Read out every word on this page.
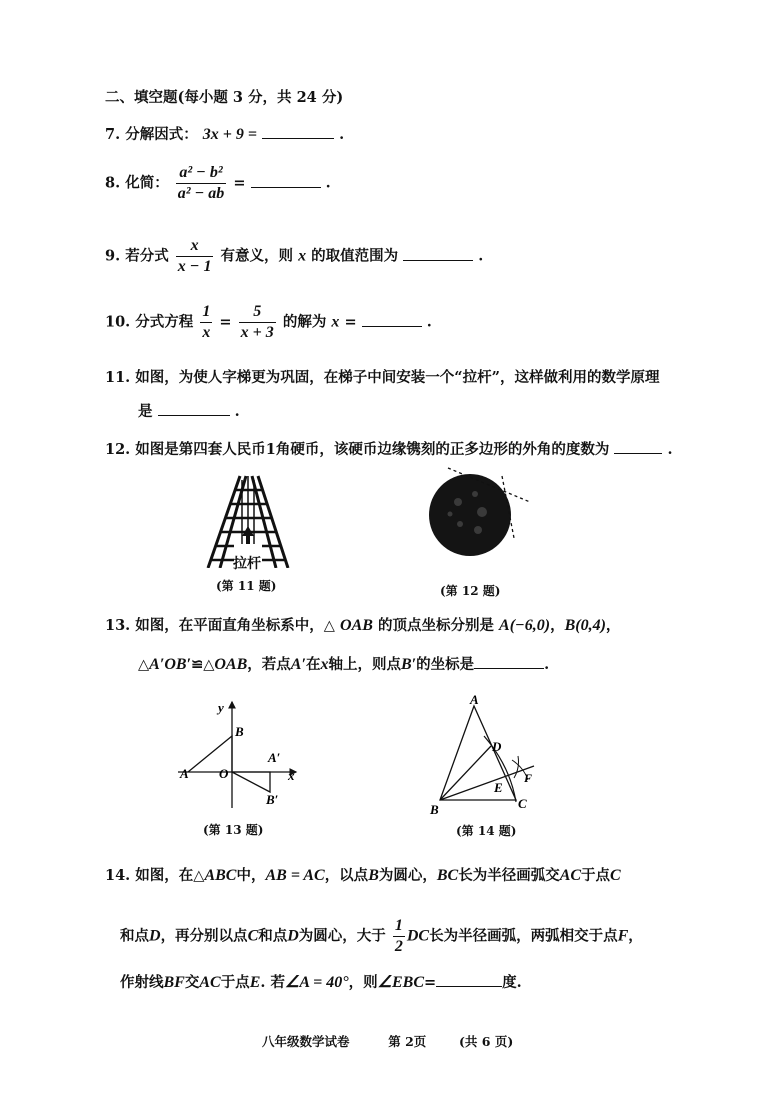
二、填空题(每小题 3 分，共 24 分)
7. 分解因式： 3x + 9 =	.
8. 化简： $\frac{\text{a² − b²}}{\text{a² − ab}}$ =	.
9. 若分式 $\frac{x}{x - 1}$ 有意义，则 x 的取值范围为	.
10. 分式方程 $\frac{1}{x} = \frac{5}{x + 3}$ 的解为 x =	.
11. 如图，为使人字梯更为巩固，在梯子中间安装一个“拉杆”，这样做利用的数学原理
是	.
12. 如图是第四套人民币1角硬币，该硬币边缘镌刻的正多边形的外角的度数为	.
拉杆
(第 11 题)	(第 12 题)
13. 如图，在平面直角坐标系中，△ OAB 的顶点坐标分别是 A(−6,0)，B(0,4)，
△A′OB′≌△OAB，若点A′在x轴上，则点B′的坐标是	.
y
x
A O
B
A′
B′
(第 13 题)
A
B	C
D
E
F
(第 14 题)
14. 如图，在△ABC中，AB = AC，以点B为圆心，BC长为半径画弧交AC于点C
和点D，再分别以点C和点D为圆心，大于 $\frac{1}{2}$ DC长为半径画弧，两弧相交于点F，
作射线BF交AC于点E. 若∠A = 40°，则∠EBC=	度.
八年级数学试卷	第 2页	(共 6 页)
